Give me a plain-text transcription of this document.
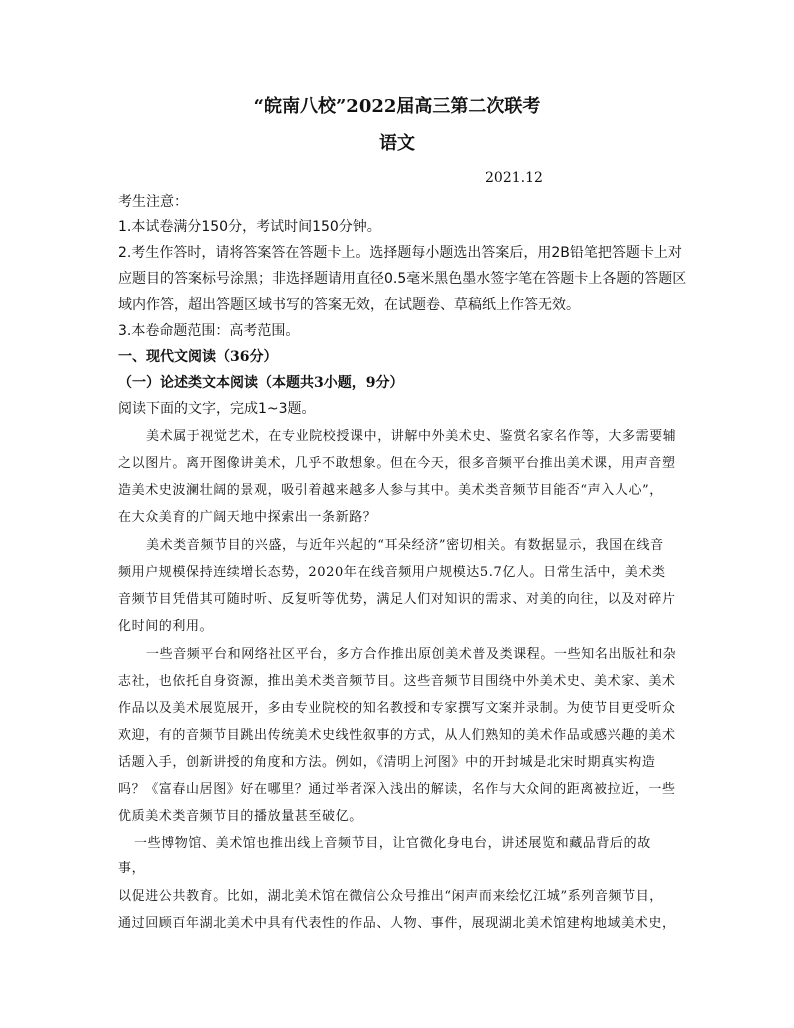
“皖南八校”2022届高三第二次联考
语文
2021.12
考生注意：
1.本试卷满分150分，考试时间150分钟。
2.考生作答时，请将答案答在答题卡上。选择题每小题选出答案后，用2B铅笔把答题卡上对
应题目的答案标号涂黑；非选择题请用直径0.5毫米黑色墨水签字笔在答题卡上各题的答题区
域内作答，超出答题区域书写的答案无效，在试题卷、草稿纸上作答无效。
3.本卷命题范围：高考范围。
一、现代文阅读（36分）
（一）论述类文本阅读（本题共3小题，9分）
阅读下面的文字，完成1~3题。
美术属于视觉艺术，在专业院校授课中，讲解中外美术史、鉴赏名家名作等，大多需要辅
之以图片。离开图像讲美术，几乎不敢想象。但在今天，很多音频平台推出美术课，用声音塑
造美术史波澜壮阔的景观，吸引着越来越多人参与其中。美术类音频节目能否“声入人心”，
在大众美育的广阔天地中探索出一条新路？
美术类音频节目的兴盛，与近年兴起的“耳朵经济”密切相关。有数据显示，我国在线音
频用户规模保持连续增长态势，2020年在线音频用户规模达5.7亿人。日常生活中，美术类
音频节目凭借其可随时听、反复听等优势，满足人们对知识的需求、对美的向往，以及对碎片
化时间的利用。
一些音频平台和网络社区平台，多方合作推出原创美术普及类课程。一些知名出版社和杂
志社，也依托自身资源，推出美术类音频节目。这些音频节目围绕中外美术史、美术家、美术
作品以及美术展览展开，多由专业院校的知名教授和专家撰写文案并录制。为使节目更受听众
欢迎，有的音频节目跳出传统美术史线性叙事的方式，从人们熟知的美术作品或感兴趣的美术
话题入手，创新讲授的角度和方法。例如，《清明上河图》中的开封城是北宋时期真实构造
吗？《富春山居图》好在哪里？通过举者深入浅出的解读，名作与大众间的距离被拉近，一些
优质美术类音频节目的播放量甚至破亿。
一些博物馆、美术馆也推出线上音频节目，让官微化身电台，讲述展览和藏品背后的故
事，
以促进公共教育。比如，湖北美术馆在微信公众号推出“闲声而来绘忆江城”系列音频节目，
通过回顾百年湖北美术中具有代表性的作品、人物、事件，展现湖北美术馆建构地域美术史，
